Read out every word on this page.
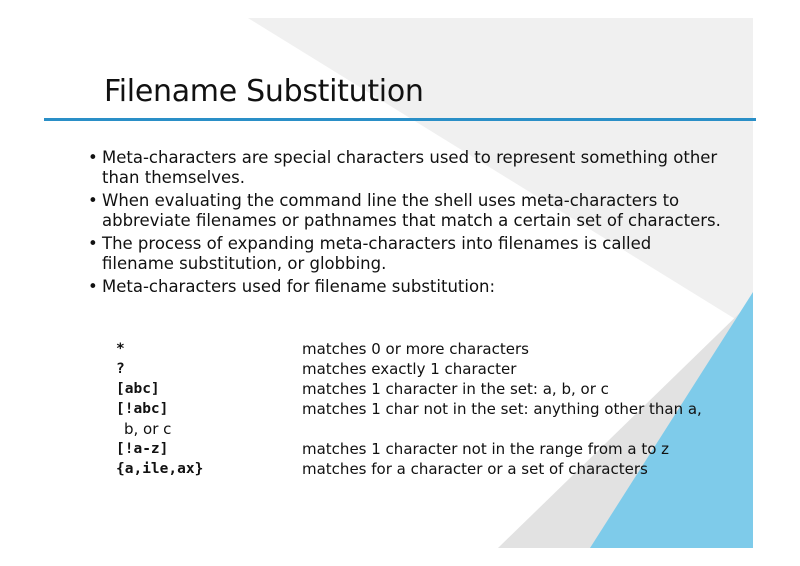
Filename Substitution
• Meta-characters are special characters used to represent something other than themselves.
• When evaluating the command line the shell uses meta-characters to abbreviate filenames or pathnames that match a certain set of characters.
• The process of expanding meta-characters into filenames is called filename substitution, or globbing.
• Meta-characters used for filename substitution:
*	matches 0 or more characters
?	matches exactly 1 character
[abc]	matches 1 character in the set: a, b, or c
[!abc]	matches 1 char not in the set: anything other than a,
b, or c
[!a-z]	matches 1 character not in the range from a to z
{a,ile,ax}	matches for a character or a set of characters
